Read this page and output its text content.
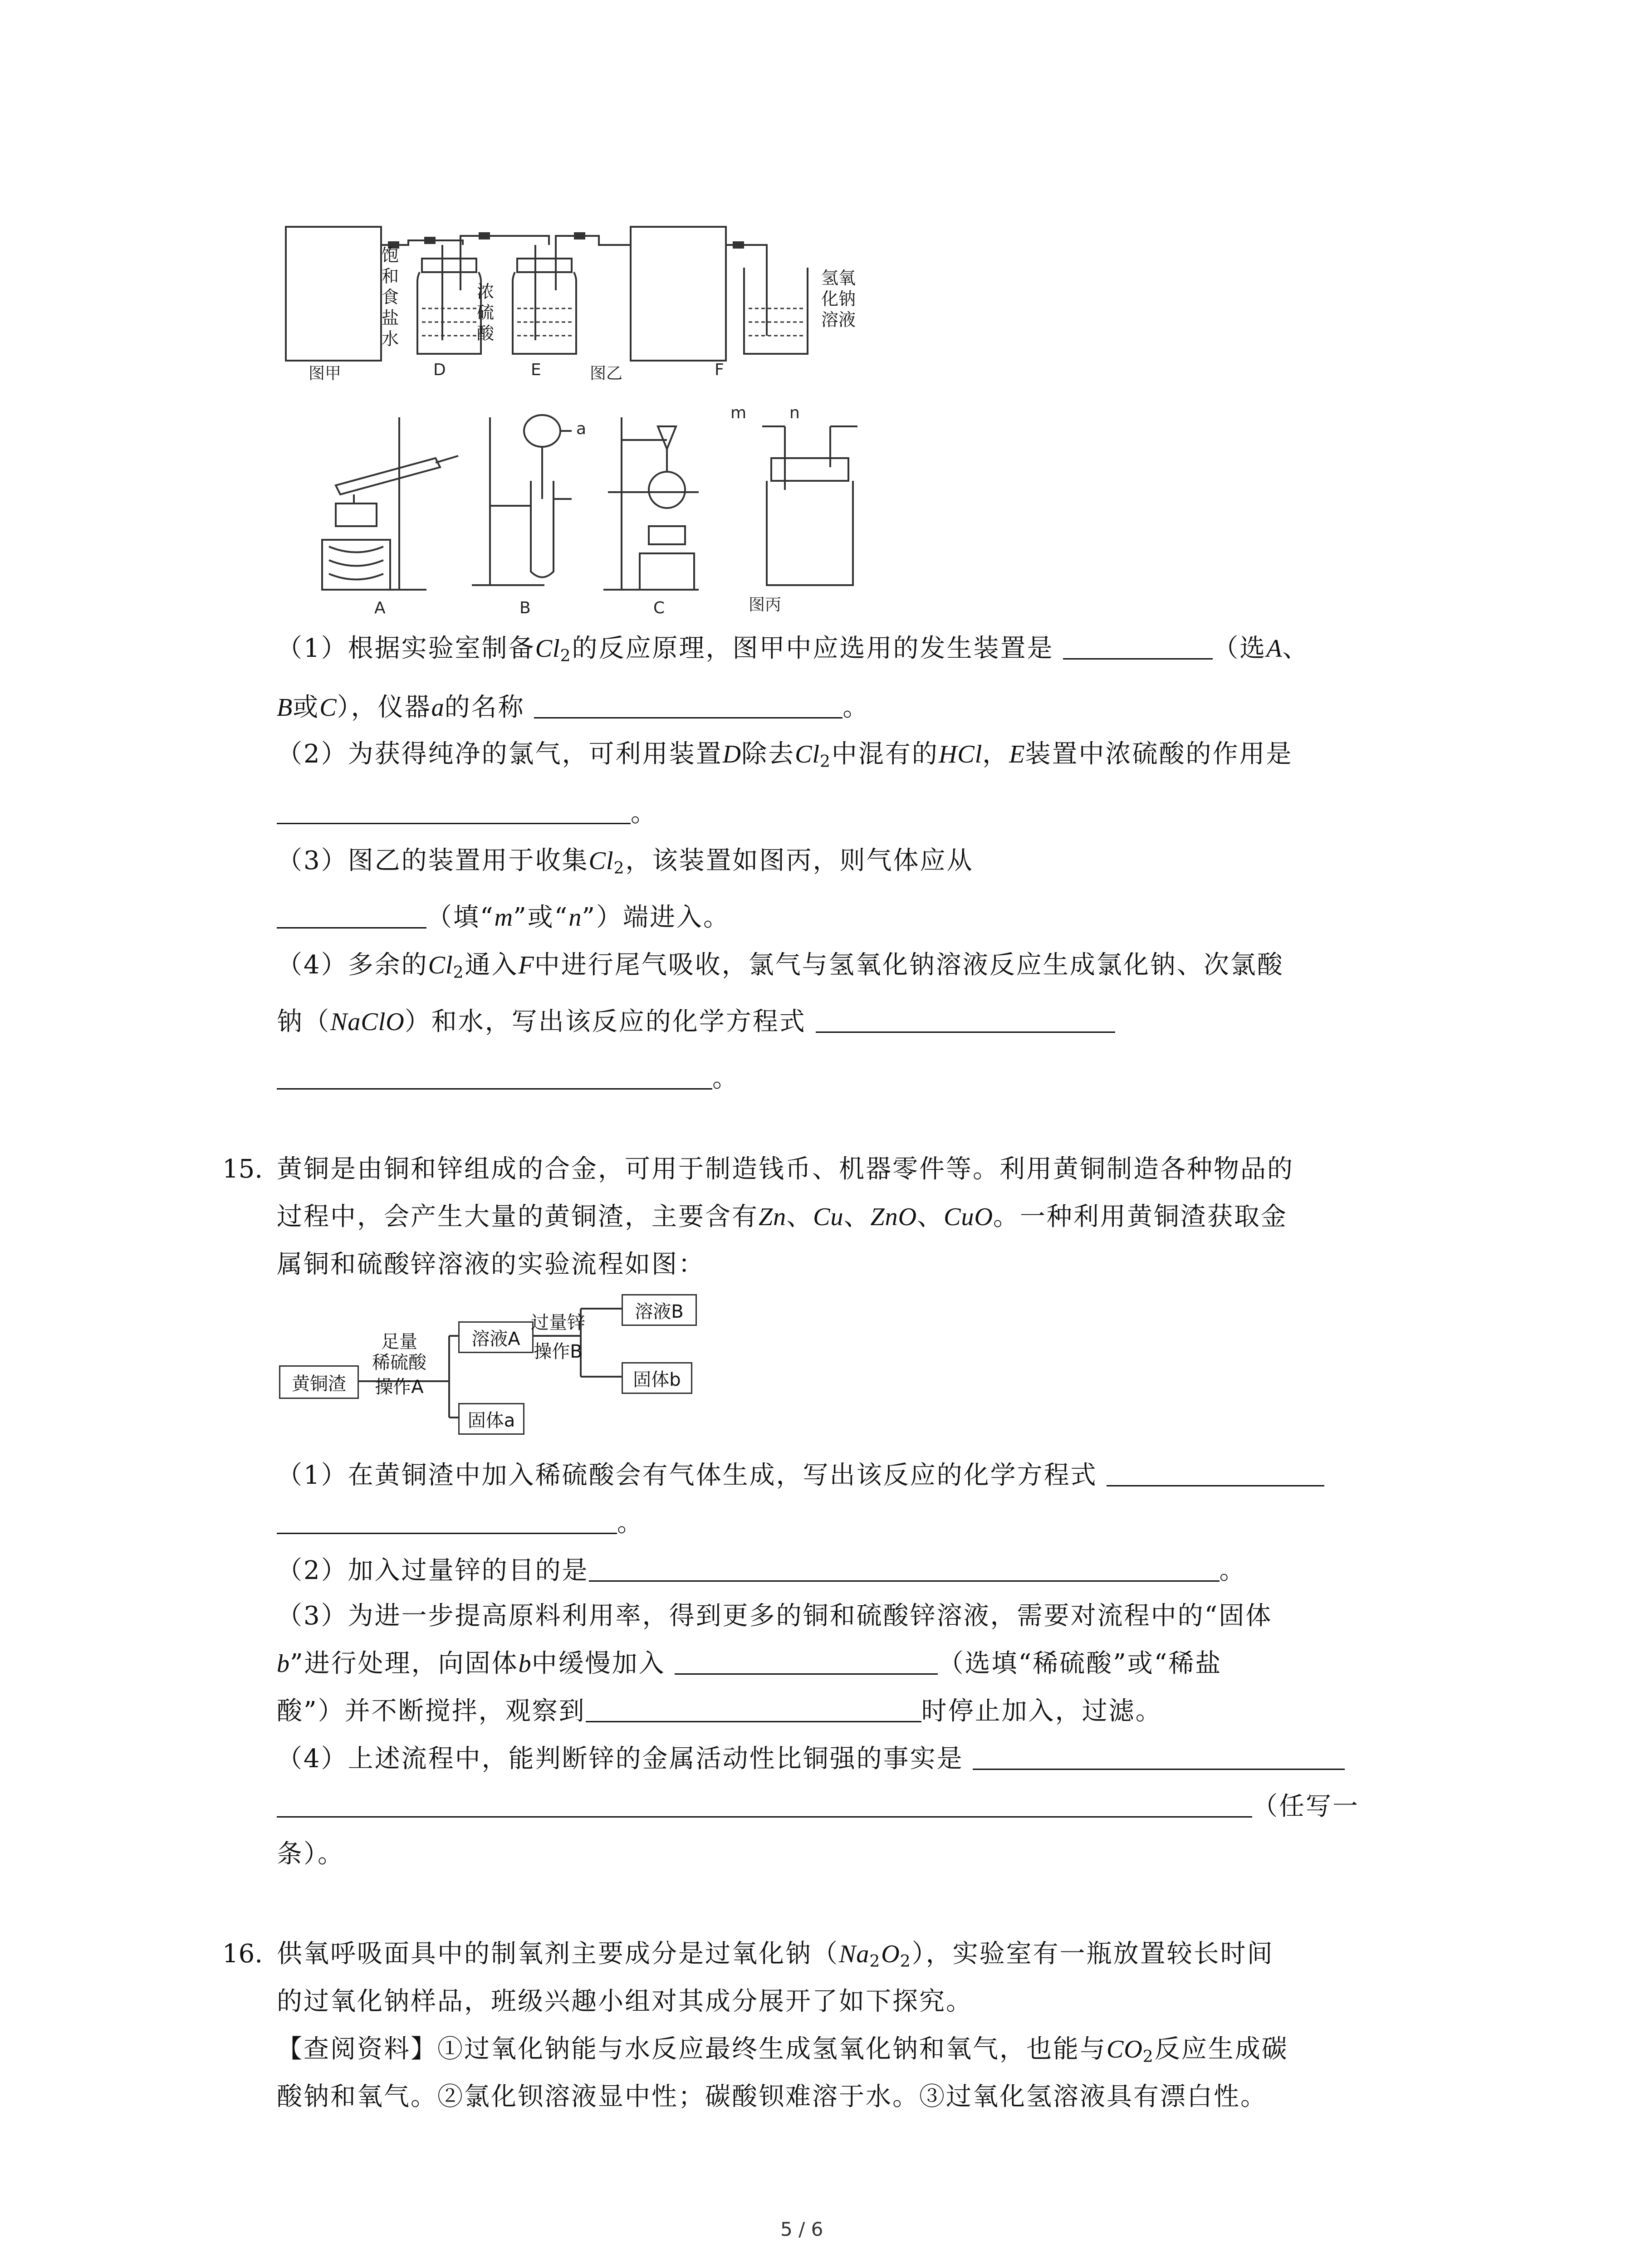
图甲	D	E	图乙	F
饱
和
食
盐
水
浓
硫
酸
氢氧
化钠
溶液
A	B	C	图丙
m	n
a
（1）根据实验室制备$Cl_2$的反应原理，图甲中应选用的发生装置是	（选A、
B或C），仪器a的名称	。
（2）为获得纯净的氯气，可利用装置D除去$Cl_2$中混有的HCl，E装置中浓硫酸的作用是
。
（3）图乙的装置用于收集$Cl_2$，该装置如图丙，则气体应从
（填“m”或“n”）端进入。
（4）多余的$Cl_2$通入F中进行尾气吸收，氯气与氢氧化钠溶液反应生成氯化钠、次氯酸
钠（NaClO）和水，写出该反应的化学方程式
。
15. 黄铜是由铜和锌组成的合金，可用于制造钱币、机器零件等。利用黄铜制造各种物品的
过程中，会产生大量的黄铜渣，主要含有Zn、Cu、ZnO、CuO。一种利用黄铜渣获取金
属铜和硫酸锌溶液的实验流程如图：
黄铜渣
足量
稀硫酸
操作A
溶液A
固体a
过量锌
操作B
溶液B
固体b
（1）在黄铜渣中加入稀硫酸会有气体生成，写出该反应的化学方程式
。
（2）加入过量锌的目的是	。
（3）为进一步提高原料利用率，得到更多的铜和硫酸锌溶液，需要对流程中的“固体
b”进行处理，向固体b中缓慢加入	（选填“稀硫酸”或“稀盐
酸”）并不断搅拌，观察到	时停止加入，过滤。
（4）上述流程中，能判断锌的金属活动性比铜强的事实是
（任写一
条）。
16. 供氧呼吸面具中的制氧剂主要成分是过氧化钠$(Na_2O_2)$，实验室有一瓶放置较长时间
的过氧化钠样品，班级兴趣小组对其成分展开了如下探究。
【查阅资料】①过氧化钠能与水反应最终生成氢氧化钠和氧气，也能与$CO_2$反应生成碳
酸钠和氧气。②氯化钡溶液显中性；碳酸钡难溶于水。③过氧化氢溶液具有漂白性。
5 / 6
